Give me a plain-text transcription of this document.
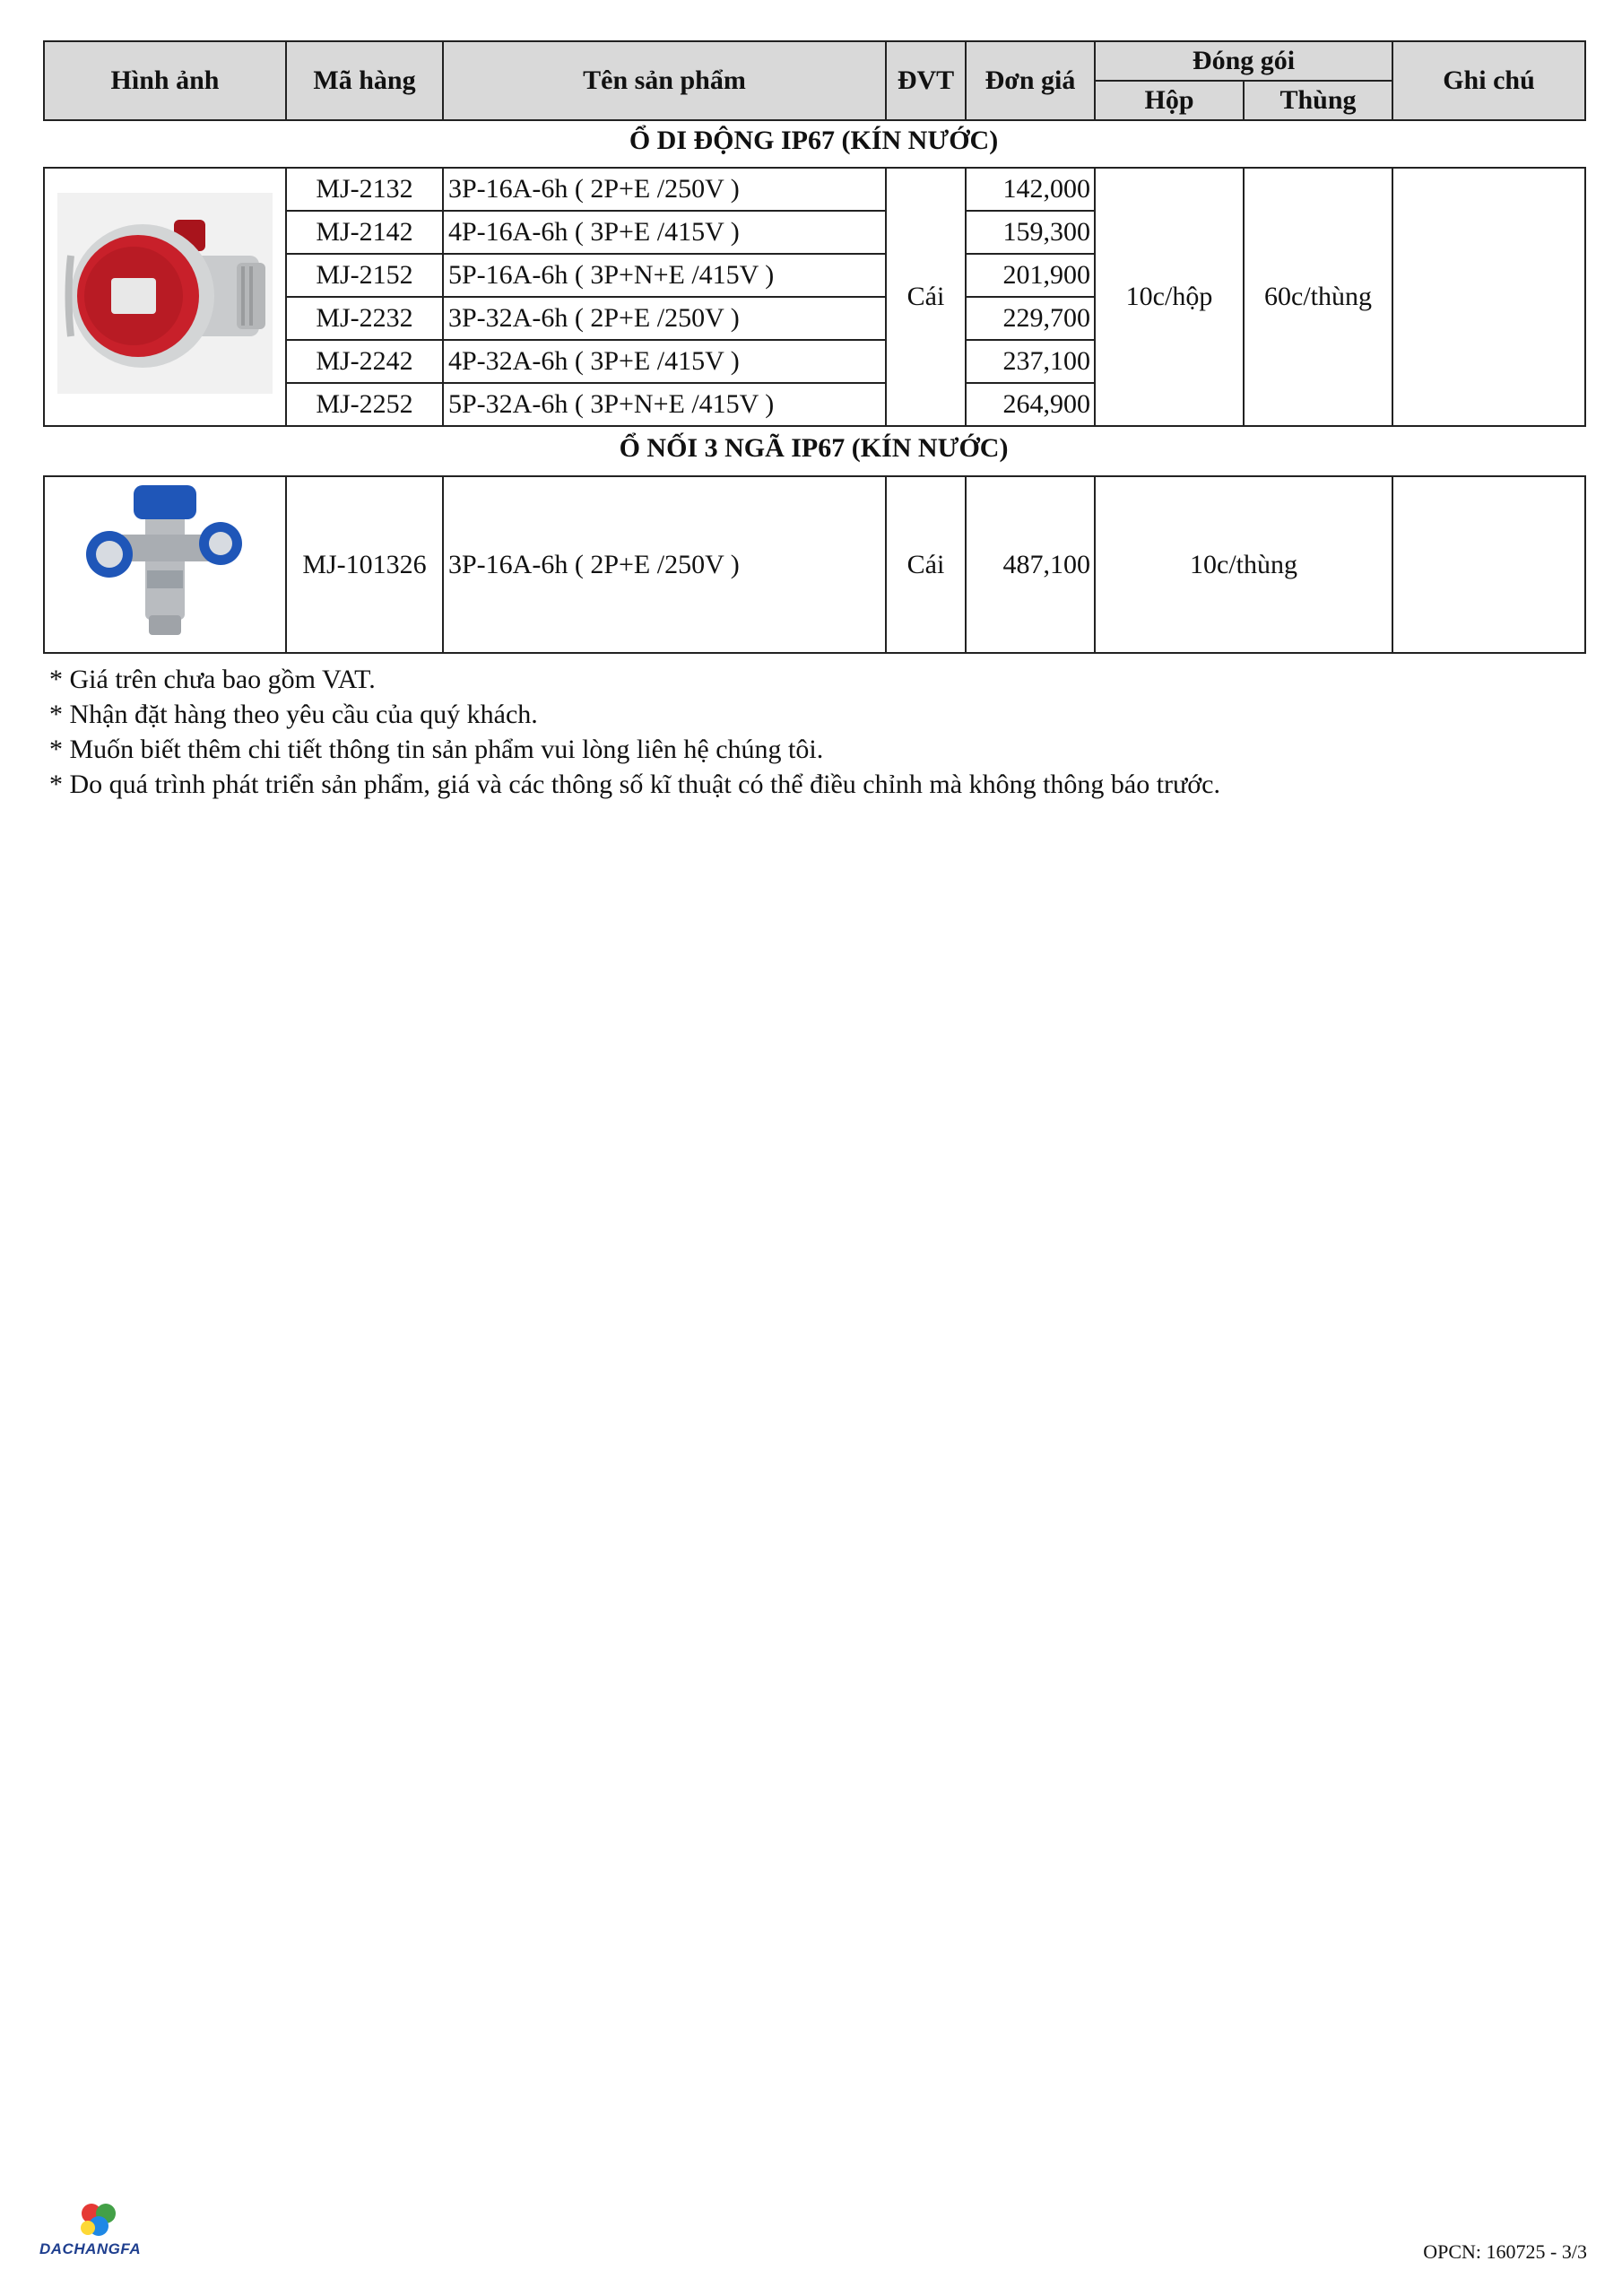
Hình ảnh	Mã hàng	Tên sản phẩm	ĐVT	Đơn giá	Đóng gói		Ghi chú
					Hộp	Thùng	
Ổ DI ĐỘNG IP67 (KÍN NƯỚC)
	MJ-2132	3P-16A-6h ( 2P+E /250V )	Cái	142,000	10c/hộp	60c/thùng	
	MJ-2142	4P-16A-6h ( 3P+E /415V )		159,300			
	MJ-2152	5P-16A-6h ( 3P+N+E /415V )		201,900			
	MJ-2232	3P-32A-6h ( 2P+E /250V )		229,700			
	MJ-2242	4P-32A-6h ( 3P+E /415V )		237,100			
	MJ-2252	5P-32A-6h ( 3P+N+E /415V )		264,900			
Ổ NỐI 3 NGÃ IP67 (KÍN NƯỚC)
	MJ-101326	3P-16A-6h ( 2P+E /250V )	Cái	487,100	10c/thùng	
* Giá trên chưa bao gồm VAT.
* Nhận đặt hàng theo yêu cầu của quý khách.
* Muốn biết thêm chi tiết thông tin sản phẩm vui lòng liên hệ chúng tôi.
* Do quá trình phát triển sản phẩm, giá và các thông số kĩ thuật có thể điều chỉnh mà không thông báo trước.
DACHANGFA	OPCN: 160725 - 3/3
